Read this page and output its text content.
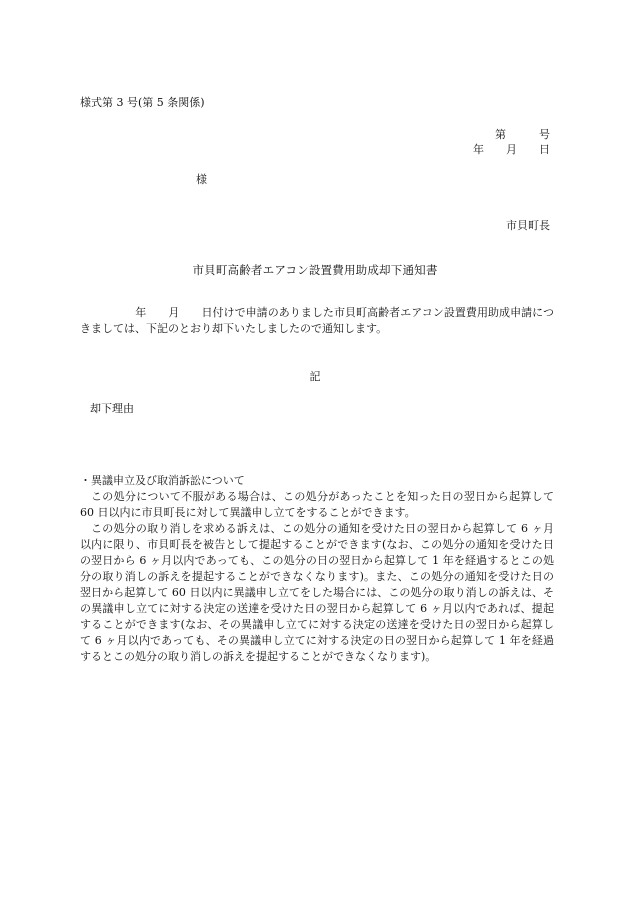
様式第 3 号(第 5 条関係)
第　　　号
年　　月　　日
様
市貝町長
市貝町高齢者エアコン設置費用助成却下通知書
　　　　　年　　月　　日付けで申請のありました市貝町高齢者エアコン設置費用助成申請につきましては、下記のとおり却下いたしましたので通知します。
記
却下理由
・異議申立及び取消訴訟について
この処分について不服がある場合は、この処分があったことを知った日の翌日から起算して 60 日以内に市貝町長に対して異議申し立てをすることができます。
この処分の取り消しを求める訴えは、この処分の通知を受けた日の翌日から起算して 6 ヶ月以内に限り、市貝町長を被告として提起することができます(なお、この処分の通知を受けた日の翌日から 6 ヶ月以内であっても、この処分の日の翌日から起算して 1 年を経過するとこの処分の取り消しの訴えを提起することができなくなります)。また、この処分の通知を受けた日の翌日から起算して 60 日以内に異議申し立てをした場合には、この処分の取り消しの訴えは、その異議申し立てに対する決定の送達を受けた日の翌日から起算して 6 ヶ月以内であれば、提起することができます(なお、その異議申し立てに対する決定の送達を受けた日の翌日から起算して 6 ヶ月以内であっても、その異議申し立てに対する決定の日の翌日から起算して 1 年を経過するとこの処分の取り消しの訴えを提起することができなくなります)。
